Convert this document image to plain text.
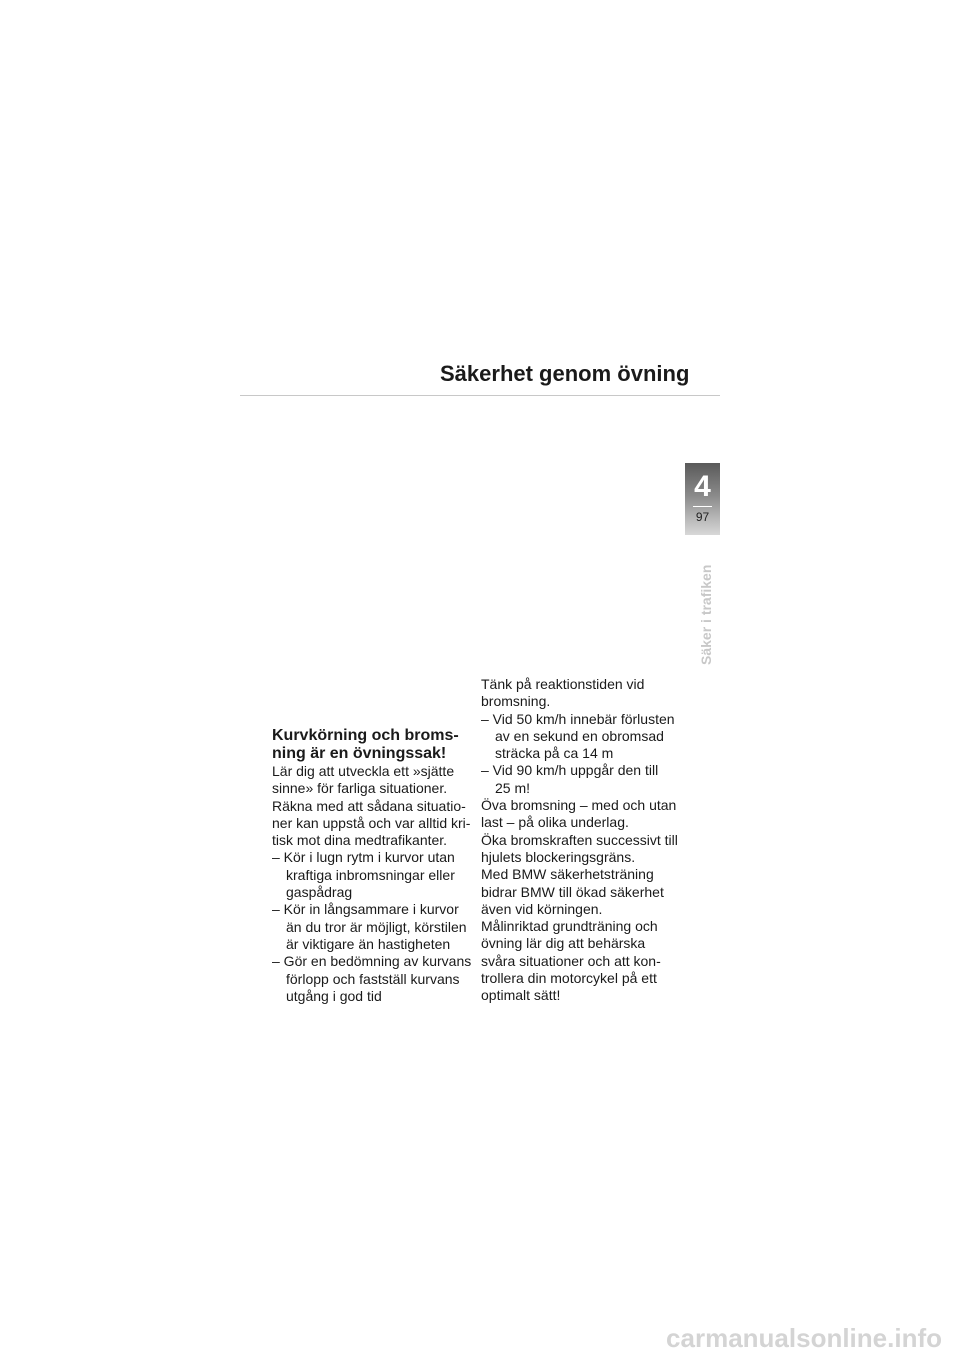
Säkerhet genom övning
4
97
Säker i trafiken
Kurvkörning och broms-
ning är en övningssak!
Lär dig att utveckla ett »sjätte
sinne» för farliga situationer.
Räkna med att sådana situatio-
ner kan uppstå och var alltid kri-
tisk mot dina medtrafikanter.
– Kör i lugn rytm i kurvor utan
kraftiga inbromsningar eller
gaspådrag
– Kör in långsammare i kurvor
än du tror är möjligt, körstilen
är viktigare än hastigheten
– Gör en bedömning av kurvans
förlopp och fastställ kurvans
utgång i god tid
Tänk på reaktionstiden vid
bromsning.
– Vid 50 km/h innebär förlusten
av en sekund en obromsad
sträcka på ca 14 m
– Vid 90 km/h uppgår den till
25 m!
Öva bromsning – med och utan
last – på olika underlag.
Öka bromskraften successivt till
hjulets blockeringsgräns.
Med BMW säkerhetsträning
bidrar BMW till ökad säkerhet
även vid körningen.
Målinriktad grundträning och
övning lär dig att behärska
svåra situationer och att kon-
trollera din motorcykel på ett
optimalt sätt!
carmanualsonline.info
